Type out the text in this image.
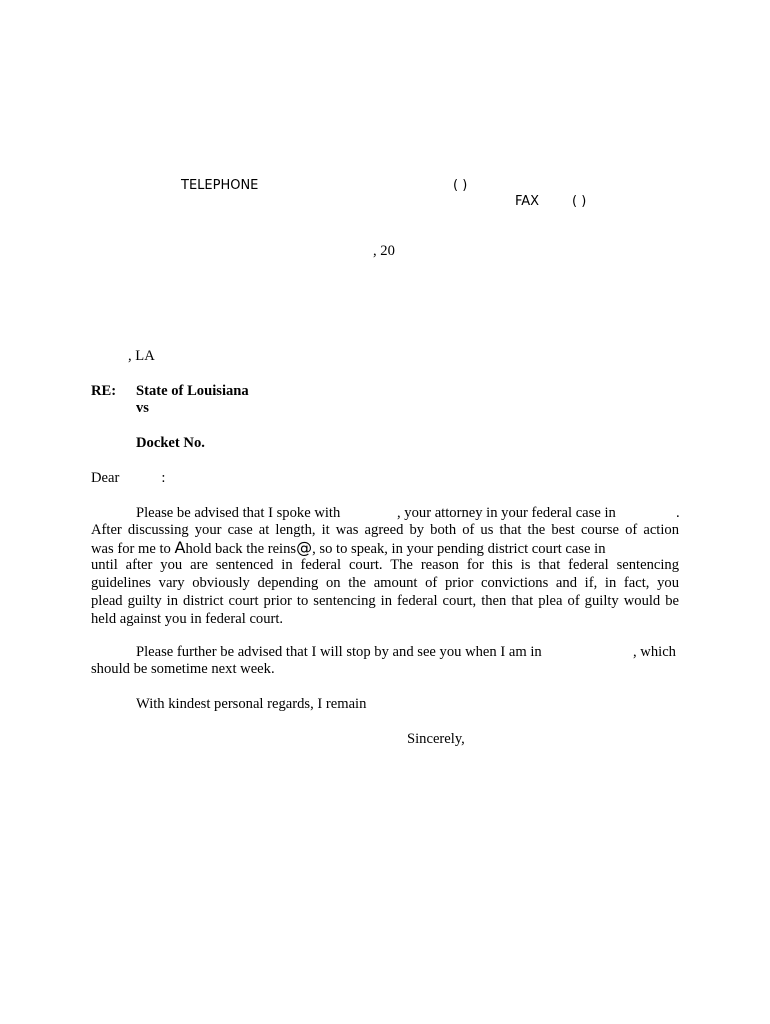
TELEPHONE	( )
FAX	( )
, 20
, LA
RE: State of Louisiana
vs
Docket No.
Dear	:
Please be advised that I spoke with	, your attorney in your federal case in	.
After discussing your case at length, it was agreed by both of us that the best course of action
was for me to Ahold back the reins@, so to speak, in your pending district court case in
until after you are sentenced in federal court. The reason for this is that federal sentencing
guidelines vary obviously depending on the amount of prior convictions and if, in fact, you
plead guilty in district court prior to sentencing in federal court, then that plea of guilty would be
held against you in federal court.
Please further be advised that I will stop by and see you when I am in	, which
should be sometime next week.
With kindest personal regards, I remain
Sincerely,
